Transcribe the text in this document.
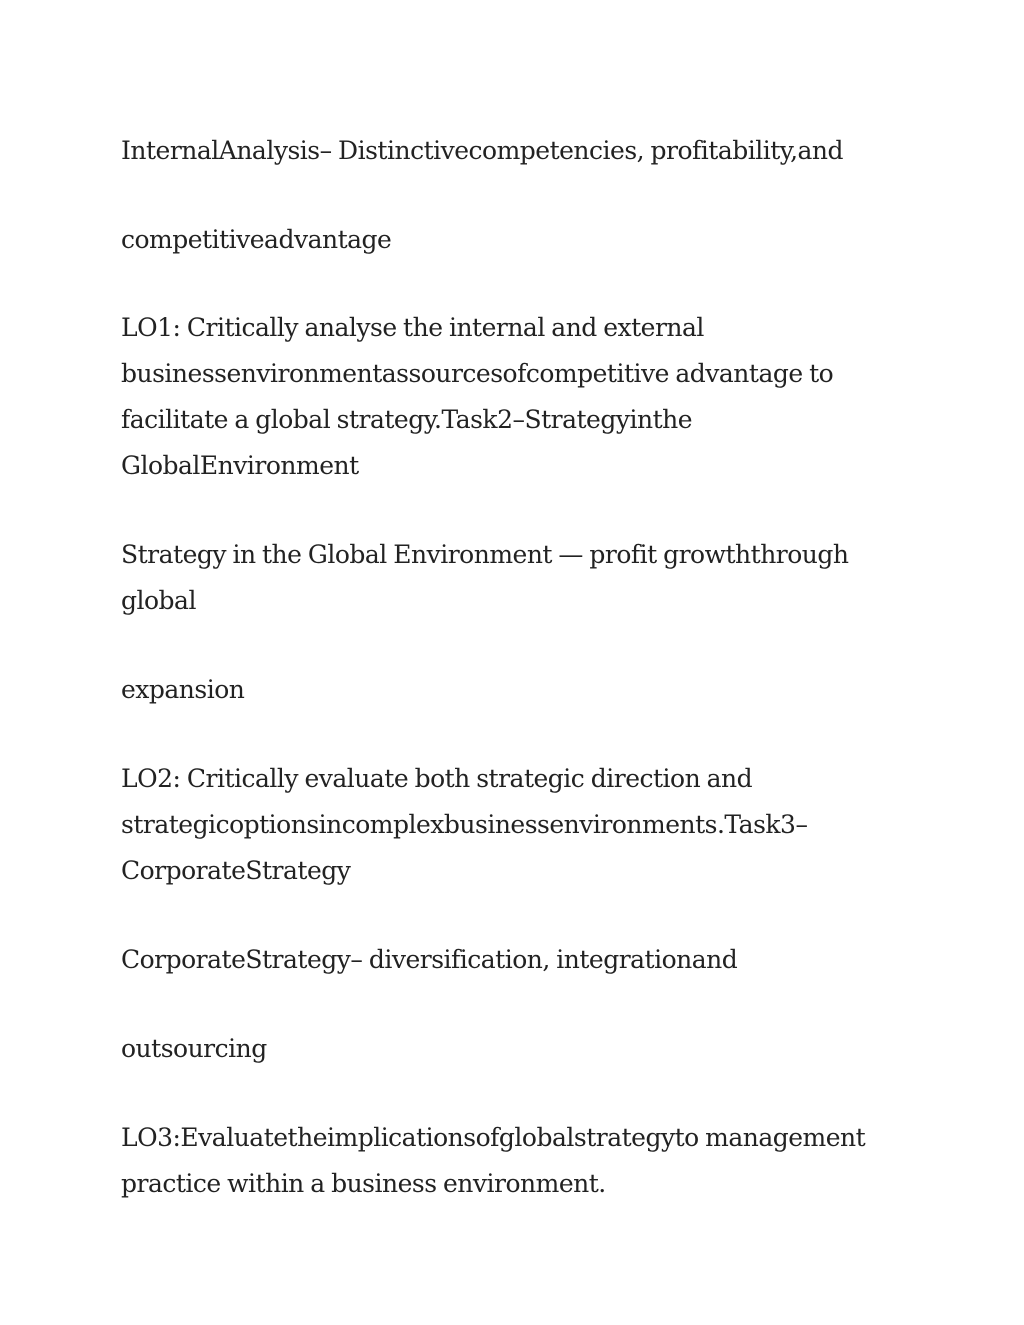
InternalAnalysis– Distinctivecompetencies, profitability,and

competitiveadvantage

LO1: Critically analyse the internal and external
businessenvironmentassourcesofcompetitive advantage to
facilitate a global strategy.Task2–Strategyinthe
GlobalEnvironment

Strategy in the Global Environment — profit growththrough
global

expansion

LO2: Critically evaluate both strategic direction and
strategicoptionsincomplexbusinessenvironments.Task3–
CorporateStrategy

CorporateStrategy– diversification, integrationand

outsourcing

LO3:Evaluatetheimplicationsofglobalstrategyto management
practice within a business environment.
